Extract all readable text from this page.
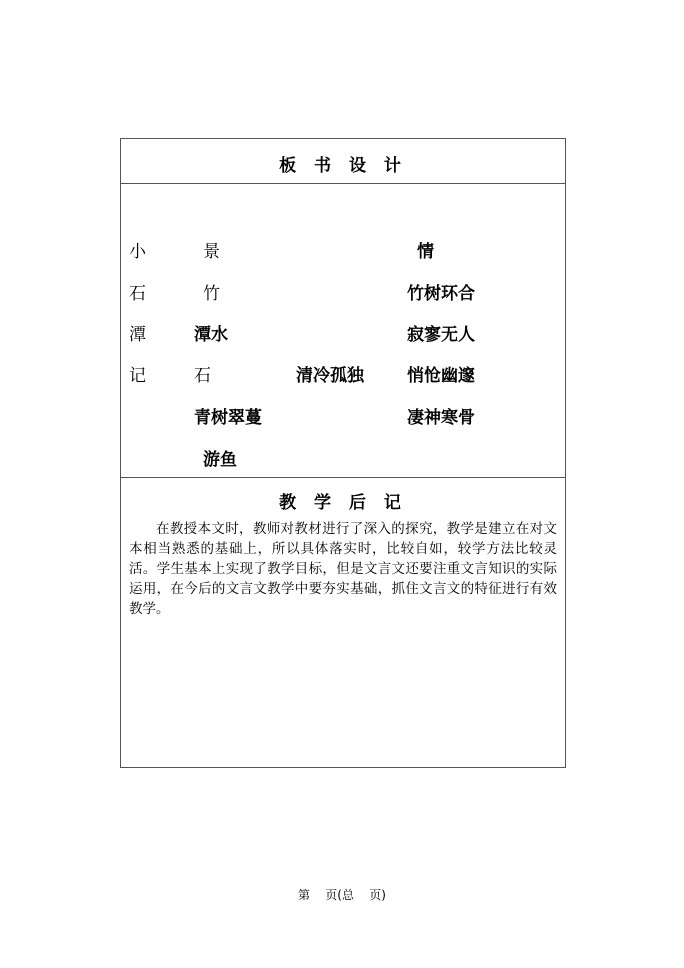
板 书 设 计
小	景	情
石	竹	竹树环合
潭	潭水	寂寥无人
记	石	清冷孤独	悄怆幽邃
青树翠蔓	凄神寒骨
游鱼
教 学 后 记

在教授本文时，教师对教材进行了深入的探究，教学是建立在对文本相当熟悉的基础上，所以具体落实时，比较自如，较学方法比较灵活。学生基本上实现了教学目标，但是文言文还要注重文言知识的实际运用，在今后的文言文教学中要夯实基础，抓住文言文的特征进行有效教学。

第    页(总    页)
